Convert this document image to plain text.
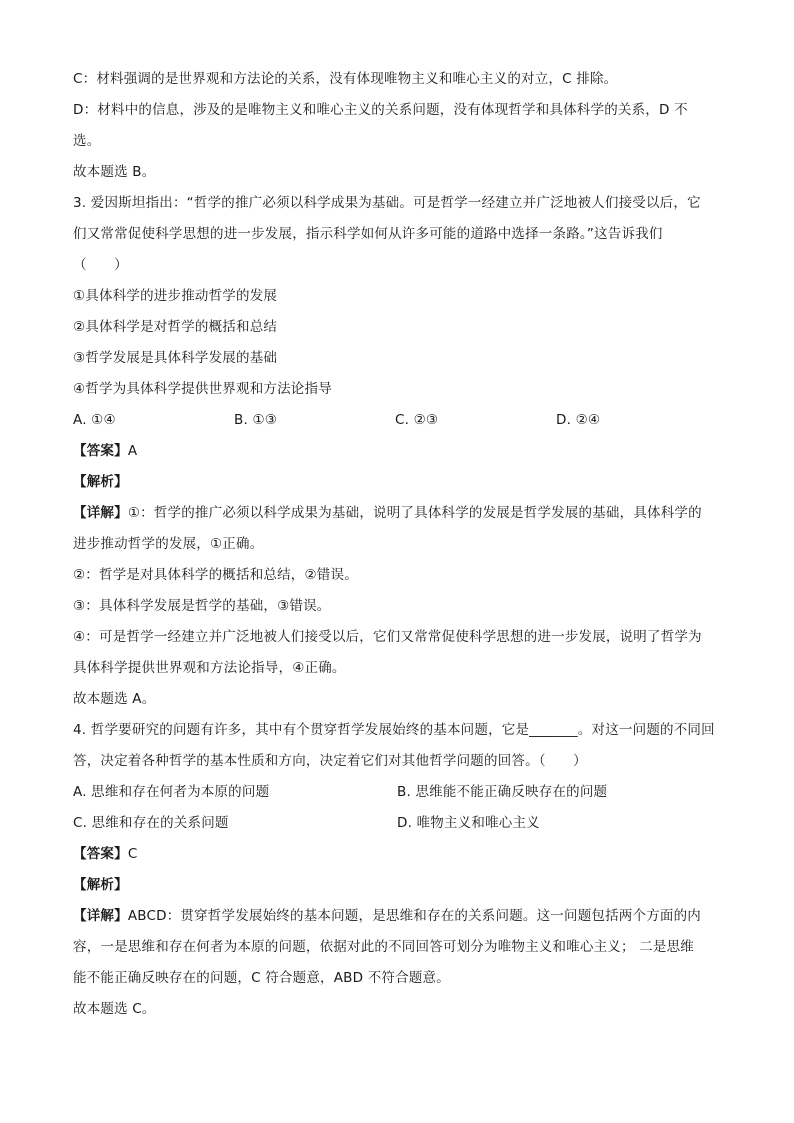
C：材料强调的是世界观和方法论的关系，没有体现唯物主义和唯心主义的对立，C 排除。
D：材料中的信息，涉及的是唯物主义和唯心主义的关系问题，没有体现哲学和具体科学的关系，D 不
选。
故本题选 B。
3. 爱因斯坦指出：“哲学的推广必须以科学成果为基础。可是哲学一经建立并广泛地被人们接受以后，它
们又常常促使科学思想的进一步发展，指示科学如何从许多可能的道路中选择一条路。”这告诉我们
（　　）
①具体科学的进步推动哲学的发展
②具体科学是对哲学的概括和总结
③哲学发展是具体科学发展的基础
④哲学为具体科学提供世界观和方法论指导
A. ①④	B. ①③	C. ②③	D. ②④
【答案】A
【解析】
【详解】①：哲学的推广必须以科学成果为基础，说明了具体科学的发展是哲学发展的基础，具体科学的
进步推动哲学的发展，①正确。
②：哲学是对具体科学的概括和总结，②错误。
③：具体科学发展是哲学的基础，③错误。
④：可是哲学一经建立并广泛地被人们接受以后，它们又常常促使科学思想的进一步发展，说明了哲学为
具体科学提供世界观和方法论指导，④正确。
故本题选 A。
4. 哲学要研究的问题有许多，其中有个贯穿哲学发展始终的基本问题，它是_______。对这一问题的不同回
答，决定着各种哲学的基本性质和方向，决定着它们对其他哲学问题的回答。（　　）
A. 思维和存在何者为本原的问题	B. 思维能不能正确反映存在的问题
C. 思维和存在的关系问题	D. 唯物主义和唯心主义
【答案】C
【解析】
【详解】ABCD：贯穿哲学发展始终的基本问题，是思维和存在的关系问题。这一问题包括两个方面的内
容，一是思维和存在何者为本原的问题，依据对此的不同回答可划分为唯物主义和唯心主义； 二是思维
能不能正确反映存在的问题，C 符合题意，ABD 不符合题意。
故本题选 C。
